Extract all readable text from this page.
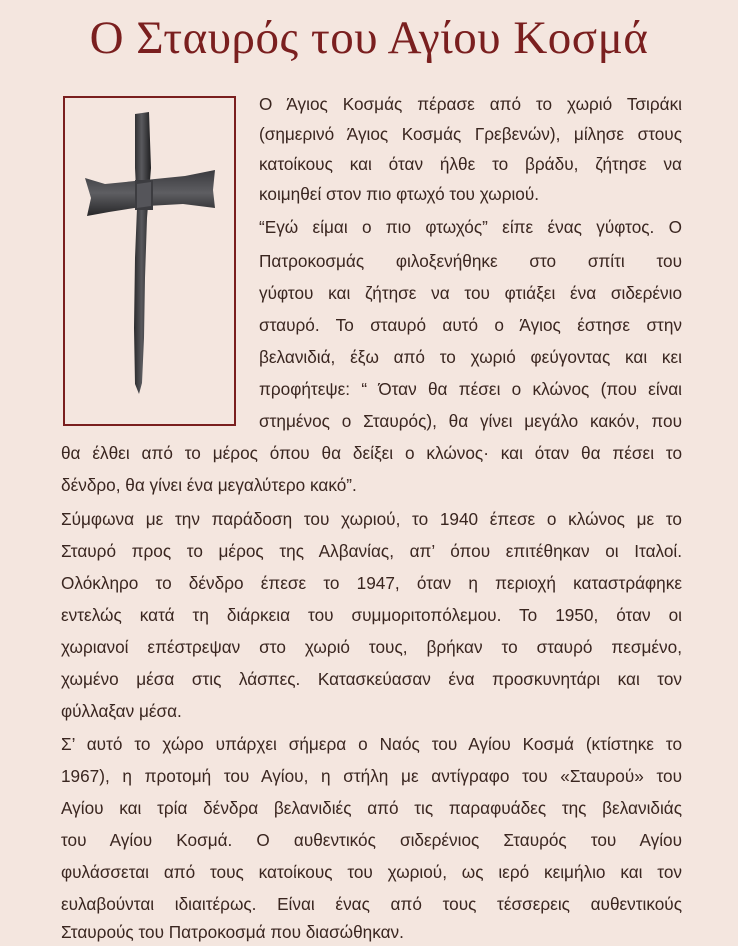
Ο Σταυρός του Αγίου Κοσμά
Ο Άγιος Κοσμάς πέρασε από το χωριό Τσιράκι
(σημερινό Άγιος Κοσμάς Γρεβενών), μίλησε στους
κατοίκους και όταν ήλθε το βράδυ, ζήτησε να
κοιμηθεί στον πιο φτωχό του χωριού.
“Εγώ είμαι ο πιο φτωχός” είπε ένας γύφτος. Ο
Πατροκοσμάς φιλοξενήθηκε στο σπίτι του
γύφτου και ζήτησε να του φτιάξει ένα σιδερένιο
σταυρό. Το σταυρό αυτό ο Άγιος έστησε στην
βελανιδιά, έξω από το χωριό φεύγοντας και κει
προφήτεψε: “ Όταν θα πέσει ο κλώνος (που είναι
στημένος ο Σταυρός), θα γίνει μεγάλο κακόν, που
θα έλθει από το μέρος όπου θα δείξει ο κλώνος· και όταν θα πέσει το
δένδρο, θα γίνει ένα μεγαλύτερο κακό”.
Σύμφωνα με την παράδοση του χωριού, το 1940 έπεσε ο κλώνος με το
Σταυρό προς το μέρος της Αλβανίας, απ’ όπου επιτέθηκαν οι Ιταλοί.
Ολόκληρο το δένδρο έπεσε το 1947, όταν η περιοχή καταστράφηκε
εντελώς κατά τη διάρκεια του συμμοριτοπόλεμου. Το 1950, όταν οι
χωριανοί επέστρεψαν στο χωριό τους, βρήκαν το σταυρό πεσμένο,
χωμένο μέσα στις λάσπες. Κατασκεύασαν ένα προσκυνητάρι και τον
φύλλαξαν μέσα.
Σ’ αυτό το χώρο υπάρχει σήμερα ο Ναός του Αγίου Κοσμά (κτίστηκε το
1967), η προτομή του Αγίου, η στήλη με αντίγραφο του «Σταυρού» του
Αγίου και τρία δένδρα βελανιδιές από τις παραφυάδες της βελανιδιάς
του Αγίου Κοσμά. Ο αυθεντικός σιδερένιος Σταυρός του Αγίου
φυλάσσεται από τους κατοίκους του χωριού, ως ιερό κειμήλιο και τον
ευλαβούνται ιδιαιτέρως. Είναι ένας από τους τέσσερεις αυθεντικούς
Σταυρούς του Πατροκοσμά που διασώθηκαν.
